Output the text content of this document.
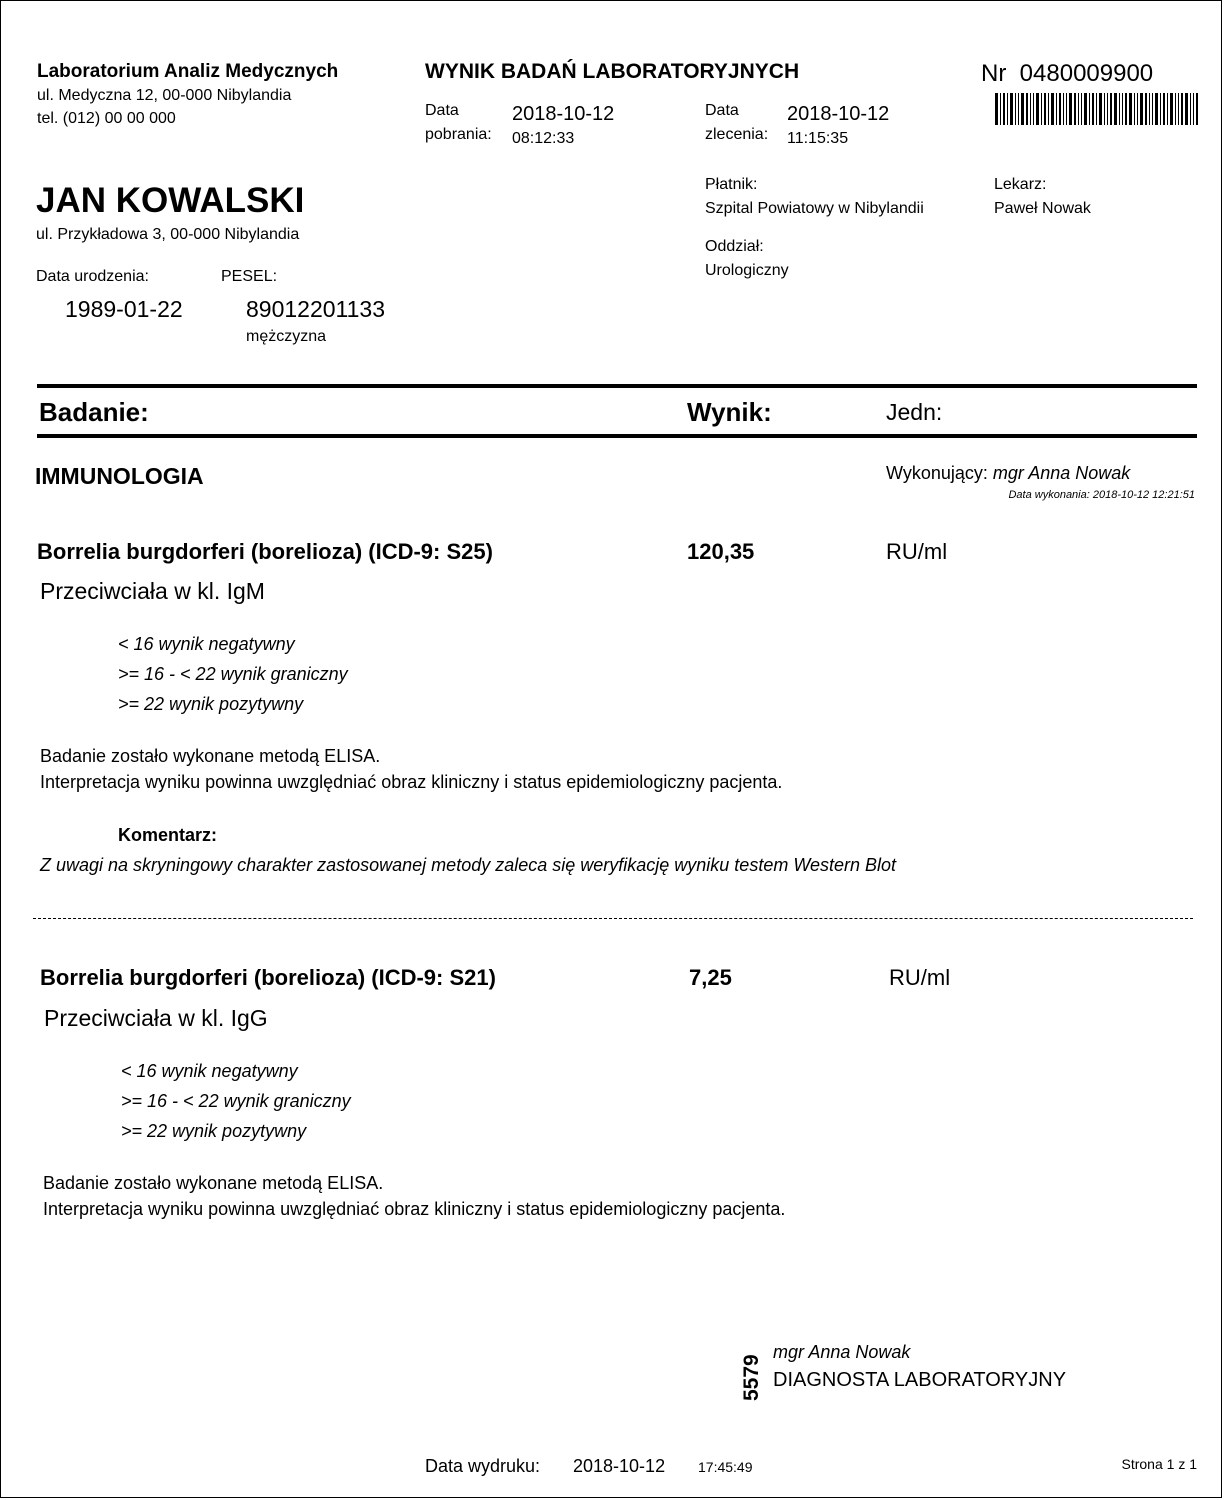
Laboratorium Analiz Medycznych
ul. Medyczna 12, 00-000 Nibylandia
tel. (012) 00 00 000
WYNIK BADAŃ LABORATORYJNYCH
Data
pobrania:
2018-10-12
08:12:33
Data
zlecenia:
2018-10-12
11:15:35
Nr 0480009900
JAN KOWALSKI
ul. Przykładowa 3, 00-000 Nibylandia
Data urodzenia:	PESEL:
1989-01-22	89012201133
mężczyzna
Płatnik:
Szpital Powiatowy w Nibylandii
Lekarz:
Paweł Nowak
Oddział:
Urologiczny
Badanie:	Wynik:	Jedn:
IMMUNOLOGIA	Wykonujący: mgr Anna Nowak
Data wykonania: 2018-10-12 12:21:51
Borrelia burgdorferi (borelioza) (ICD-9: S25)	120,35	RU/ml
Przeciwciała w kl. IgM
< 16 wynik negatywny
>= 16 - < 22 wynik graniczny
>= 22 wynik pozytywny
Badanie zostało wykonane metodą ELISA.
Interpretacja wyniku powinna uwzględniać obraz kliniczny i status epidemiologiczny pacjenta.
Komentarz:
Z uwagi na skryningowy charakter zastosowanej metody zaleca się weryfikację wyniku testem Western Blot
Borrelia burgdorferi (borelioza) (ICD-9: S21)	7,25	RU/ml
Przeciwciała w kl. IgG
< 16 wynik negatywny
>= 16 - < 22 wynik graniczny
>= 22 wynik pozytywny
Badanie zostało wykonane metodą ELISA.
Interpretacja wyniku powinna uwzględniać obraz kliniczny i status epidemiologiczny pacjenta.
5579
mgr Anna Nowak
DIAGNOSTA LABORATORYJNY
Data wydruku: 2018-10-12 17:45:49	Strona 1 z 1
